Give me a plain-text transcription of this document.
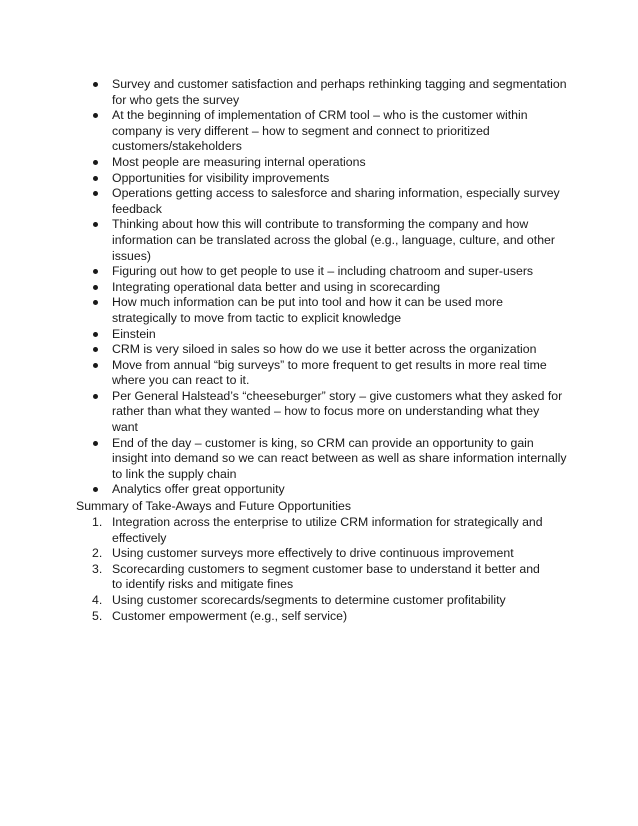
Survey and customer satisfaction and perhaps rethinking tagging and segmentation for who gets the survey
At the beginning of implementation of CRM tool – who is the customer within company is very different – how to segment and connect to prioritized customers/stakeholders
Most people are measuring internal operations
Opportunities for visibility improvements
Operations getting access to salesforce and sharing information, especially survey feedback
Thinking about how this will contribute to transforming the company and how information can be translated across the global (e.g., language, culture, and other issues)
Figuring out how to get people to use it – including chatroom and super-users
Integrating operational data better and using in scorecarding
How much information can be put into tool and how it can be used more strategically to move from tactic to explicit knowledge
Einstein
CRM is very siloed in sales so how do we use it better across the organization
Move from annual “big surveys” to more frequent to get results in more real time where you can react to it.
Per General Halstead’s “cheeseburger” story – give customers what they asked for rather than what they wanted – how to focus more on understanding what they want
End of the day – customer is king, so CRM can provide an opportunity to gain insight into demand so we can react between as well as share information internally to link the supply chain
Analytics offer great opportunity

Summary of Take-Aways and Future Opportunities

1. Integration across the enterprise to utilize CRM information for strategically and effectively
2. Using customer surveys more effectively to drive continuous improvement
3. Scorecarding customers to segment customer base to understand it better and to identify risks and mitigate fines
4. Using customer scorecards/segments to determine customer profitability
5. Customer empowerment (e.g., self service)
